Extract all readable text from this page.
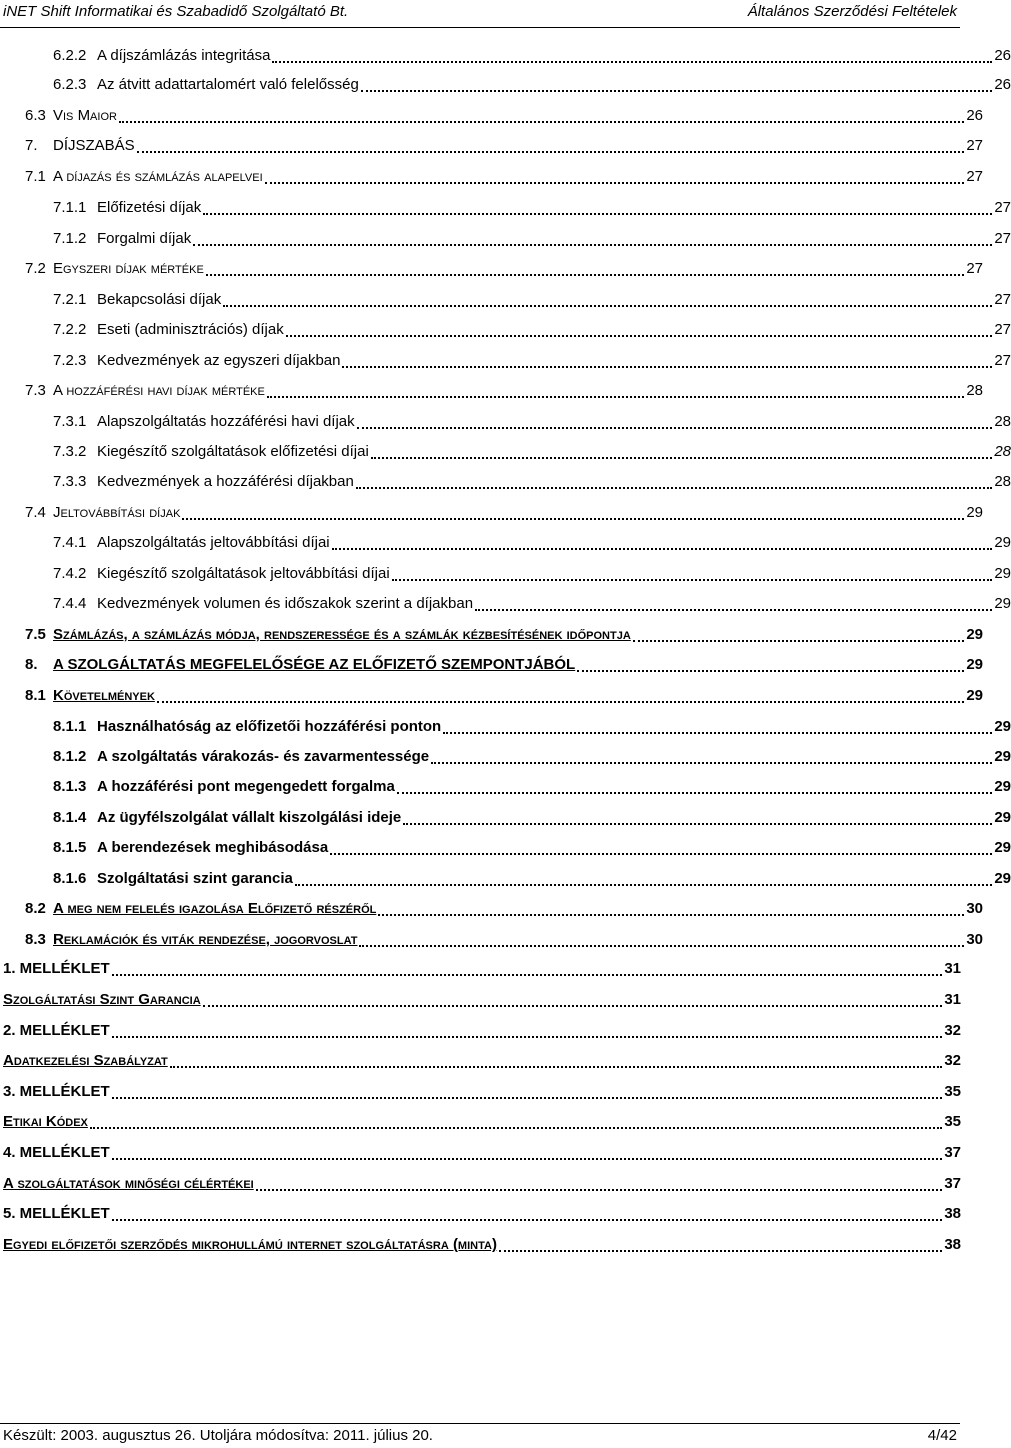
iNET Shift Informatikai és Szabadidő Szolgáltató Bt.	Általános Szerződési Feltételek
6.2.2 A díjszámlázás integritása	26
6.2.3 Az átvitt adattartalomért való felelősség	26
6.3 Vis Maior	26
7.	DÍJSZABÁS	27
7.1 A díjazás és számlázás alapelvei	27
7.1.1 Előfizetési díjak	27
7.1.2 Forgalmi díjak	27
7.2 Egyszeri díjak mértéke	27
7.2.1 Bekapcsolási díjak	27
7.2.2 Eseti (adminisztrációs) díjak	27
7.2.3 Kedvezmények az egyszeri díjakban	27
7.3 A hozzáférési havi díjak mértéke	28
7.3.1 Alapszolgáltatás hozzáférési havi díjak	28
7.3.2 Kiegészítő szolgáltatások előfizetési díjai	28
7.3.3 Kedvezmények a hozzáférési díjakban	28
7.4 Jeltovábbítási díjak	29
7.4.1 Alapszolgáltatás jeltovábbítási díjai	29
7.4.2 Kiegészítő szolgáltatások jeltovábbítási díjai	29
7.4.4 Kedvezmények volumen és időszakok szerint a díjakban	29
7.5 Számlázás, a számlázás módja, rendszeressége és a számlák kézbesítésének időpontja	29
8.	A SZOLGÁLTATÁS MEGFELELŐSÉGE AZ ELŐFIZETŐ SZEMPONTJÁBÓL	29
8.1 Követelmények	29
8.1.1 Használhatóság az előfizetői hozzáférési ponton	29
8.1.2 A szolgáltatás várakozás- és zavarmentessége	29
8.1.3 A hozzáférési pont megengedett forgalma	29
8.1.4 Az ügyfélszolgálat vállalt kiszolgálási ideje	29
8.1.5 A berendezések meghibásodása	29
8.1.6 Szolgáltatási szint garancia	29
8.2 A meg nem felelés igazolása Előfizető részéről	30
8.3 Reklamációk és viták rendezése, jogorvoslat	30
1. MELLÉKLET	31
Szolgáltatási Szint Garancia	31
2. MELLÉKLET	32
Adatkezelési Szabályzat	32
3. MELLÉKLET	35
Etikai Kódex	35
4. MELLÉKLET	37
A szolgáltatások minőségi célértékei	37
5. MELLÉKLET	38
Egyedi előfizetői szerződés mikrohullámú internet szolgáltatásra (minta)	38
Készült: 2003. augusztus 26. Utoljára módosítva: 2011. július 20.	4/42
